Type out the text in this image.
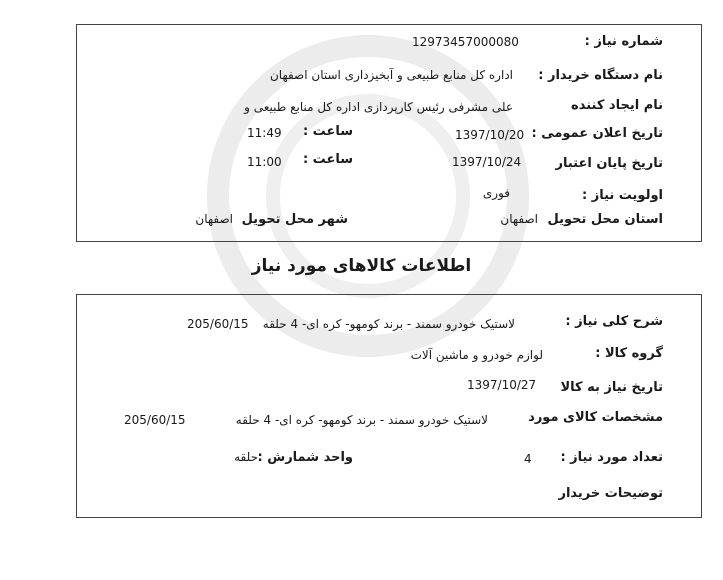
شماره نیاز :
12973457000080
نام دستگاه خریدار :
اداره کل منابع طبیعی و آبخیزداری استان اصفهان
نام ایجاد کننده
علی مشرفی رئیس کارپردازی اداره کل منابع طبیعی و
تاریخ اعلان عمومی :
1397/10/20
ساعت :
11:49
تاریخ پایان اعتبار
1397/10/24
ساعت :
11:00
اولویت نیاز :
فوری
استان محل تحویل
اصفهان
شهر محل تحویل
اصفهان
اطلاعات کالاهای مورد نیاز
شرح کلی نیاز :
لاستیک خودرو سمند - برند کومهو- کره ای- 4 حلقه
205/60/15
گروه کالا :
لوازم خودرو و ماشین آلات
تاریخ نیاز به کالا
1397/10/27
مشخصات کالای مورد
لاستیک خودرو سمند - برند کومهو- کره ای- 4 حلقه
205/60/15
تعداد مورد نیاز :
4
واحد شمارش :
حلقه
توضیحات خریدار
